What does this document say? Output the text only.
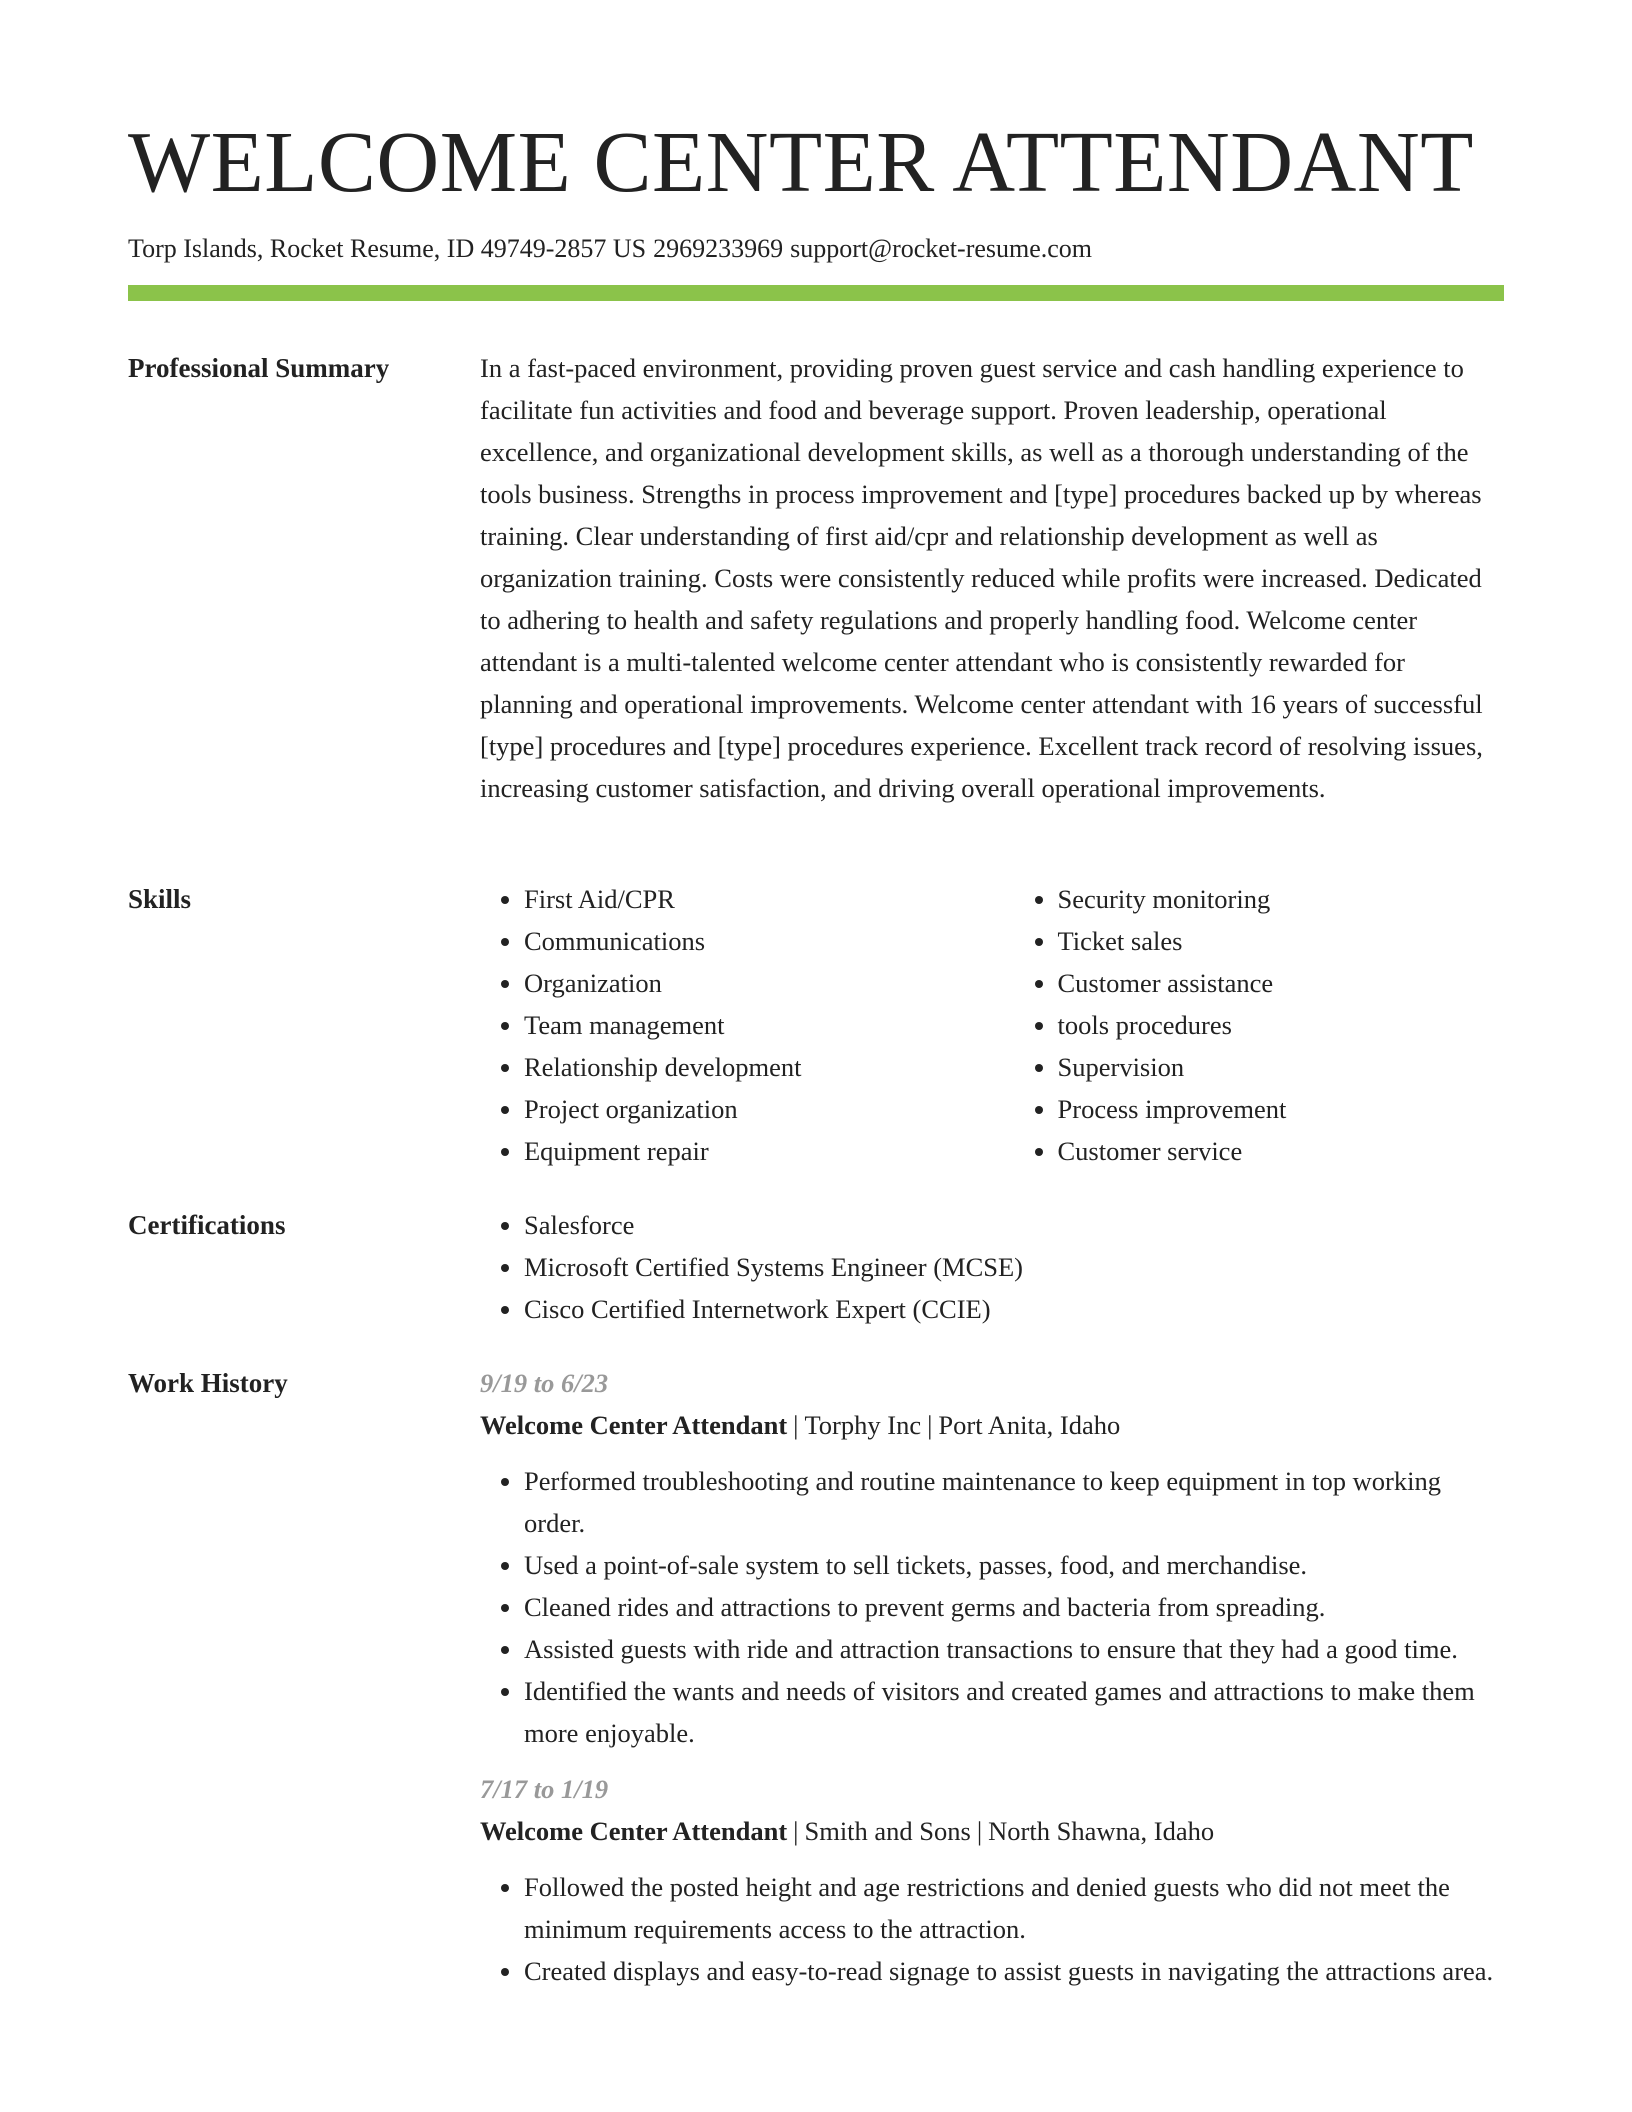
WELCOME CENTER ATTENDANT
Torp Islands, Rocket Resume, ID 49749-2857 US 2969233969 support@rocket-resume.com
Professional Summary	In a fast-paced environment, providing proven guest service and cash handling experience to facilitate fun activities and food and beverage support. Proven leadership, operational excellence, and organizational development skills, as well as a thorough understanding of the tools business. Strengths in process improvement and [type] procedures backed up by whereas training. Clear understanding of first aid/cpr and relationship development as well as organization training. Costs were consistently reduced while profits were increased. Dedicated to adhering to health and safety regulations and properly handling food. Welcome center attendant is a multi-talented welcome center attendant who is consistently rewarded for planning and operational improvements. Welcome center attendant with 16 years of successful [type] procedures and [type] procedures experience. Excellent track record of resolving issues, increasing customer satisfaction, and driving overall operational improvements.

Skills	• First Aid/CPR
• Communications
• Organization
• Team management
• Relationship development
• Project organization
• Equipment repair
• Security monitoring
• Ticket sales
• Customer assistance
• tools procedures
• Supervision
• Process improvement
• Customer service
Certifications	• Salesforce
• Microsoft Certified Systems Engineer (MCSE)
• Cisco Certified Internetwork Expert (CCIE)
Work History	9/19 to 6/23

Welcome Center Attendant | Torphy Inc | Port Anita, Idaho

• Performed troubleshooting and routine maintenance to keep equipment in top working order.
• Used a point-of-sale system to sell tickets, passes, food, and merchandise.
• Cleaned rides and attractions to prevent germs and bacteria from spreading.
• Assisted guests with ride and attraction transactions to ensure that they had a good time.
• Identified the wants and needs of visitors and created games and attractions to make them more enjoyable.

7/17 to 1/19

Welcome Center Attendant | Smith and Sons | North Shawna, Idaho

• Followed the posted height and age restrictions and denied guests who did not meet the minimum requirements access to the attraction.
• Created displays and easy-to-read signage to assist guests in navigating the attractions area.
